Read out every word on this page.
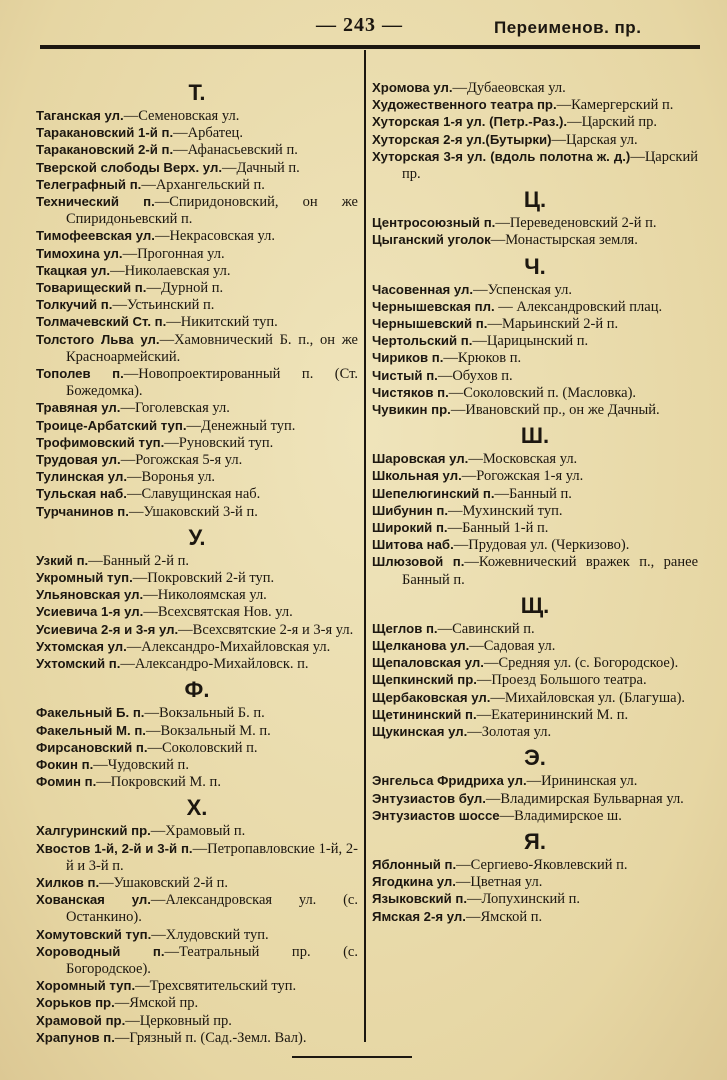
— 243 —	Переименов. пр.
Т.
Таганская ул.—Семеновская ул.
Таракановский 1-й п.—Арбатец.
Таракановский 2-й п.—Афанасьевский п.
Тверской слободы Верх. ул.—Дачный п.
Телеграфный п.—Архангельский п.
Технический п.—Спиридоновский, он же Спиридоньевский п.
Тимофеевская ул.—Некрасовская ул.
Тимохина ул.—Прогонная ул.
Ткацкая ул.—Николаевская ул.
Товарищеский п.—Дурной п.
Толкучий п.—Устьинский п.
Толмачевский Ст. п.—Никитский туп.
Толстого Льва ул.—Хамовнический Б. п., он же Красноармейский.
Тополев п.—Новопроектированный п. (Ст. Божедомка).
Травяная ул.—Гоголевская ул.
Троице-Арбатский туп.—Денежный туп.
Трофимовский туп.—Руновский туп.
Трудовая ул.—Рогожская 5-я ул.
Тулинская ул.—Воронья ул.
Тульская наб.—Славущинская наб.
Турчанинов п.—Ушаковский 3-й п.
У.
Узкий п.—Банный 2-й п.
Укромный туп.—Покровский 2-й туп.
Ульяновская ул.—Николоямская ул.
Усиевича 1-я ул.—Всехсвятская Нов. ул.
Усиевича 2-я и 3-я ул.—Всехсвятские 2-я и 3-я ул.
Ухтомская ул.—Александро-Михайловская ул.
Ухтомский п.—Александро-Михайловск. п.
Ф.
Факельный Б. п.—Вокзальный Б. п.
Факельный М. п.—Вокзальный М. п.
Фирсановский п.—Соколовский п.
Фокин п.—Чудовский п.
Фомин п.—Покровский М. п.
Х.
Халгуринский пр.—Храмовый п.
Хвостов 1-й, 2-й и 3-й п.—Петропавловские 1-й, 2-й и 3-й п.
Хилков п.—Ушаковский 2-й п.
Хованская ул.—Александровская ул. (с. Останкино).
Хомутовский туп.—Хлудовский туп.
Хороводный п.—Театральный пр. (с. Богородское).
Хоромный туп.—Трехсвятительский туп.
Хорьков пр.—Ямской пр.
Храмовой пр.—Церковный пр.
Храпунов п.—Грязный п. (Сад.-Земл. Вал).
Хромова ул.—Дубаеовская ул.
Художественного театра пр.—Камергерский п.
Хуторская 1-я ул. (Петр.-Раз.).—Царский пр.
Хуторская 2-я ул.(Бутырки)—Царская ул.
Хуторская 3-я ул. (вдоль полотна ж. д.)—Царский пр.
Ц.
Центросоюзный п.—Переведеновский 2-й п.
Цыганский уголок—Монастырская земля.
Ч.
Часовенная ул.—Успенская ул.
Чернышевская пл. — Александровский плац.
Чернышевский п.—Марьинский 2-й п.
Чертольский п.—Царицынский п.
Чириков п.—Крюков п.
Чистый п.—Обухов п.
Чистяков п.—Соколовский п. (Масловка).
Чувикин пр.—Ивановский пр., он же Дачный.
Ш.
Шаровская ул.—Московская ул.
Школьная ул.—Рогожская 1-я ул.
Шепелюгинский п.—Банный п.
Шибунин п.—Мухинский туп.
Широкий п.—Банный 1-й п.
Шитова наб.—Прудовая ул. (Черкизово).
Шлюзовой п.—Кожевнический вражек п., ранее Банный п.
Щ.
Щеглов п.—Савинский п.
Щелканова ул.—Садовая ул.
Щепаловская ул.—Средняя ул. (с. Богородское).
Щепкинский пр.—Проезд Большого театра.
Щербаковская ул.—Михайловская ул. (Благуша).
Щетининский п.—Екатерининский М. п.
Щукинская ул.—Золотая ул.
Э.
Энгельса Фридриха ул.—Ирининская ул.
Энтузиастов бул.—Владимирская Бульварная ул.
Энтузиастов шоссе—Владимирское ш.
Я.
Яблонный п.—Сергиево-Яковлевский п.
Ягодкина ул.—Цветная ул.
Языковский п.—Лопухинский п.
Ямская 2-я ул.—Ямской п.
